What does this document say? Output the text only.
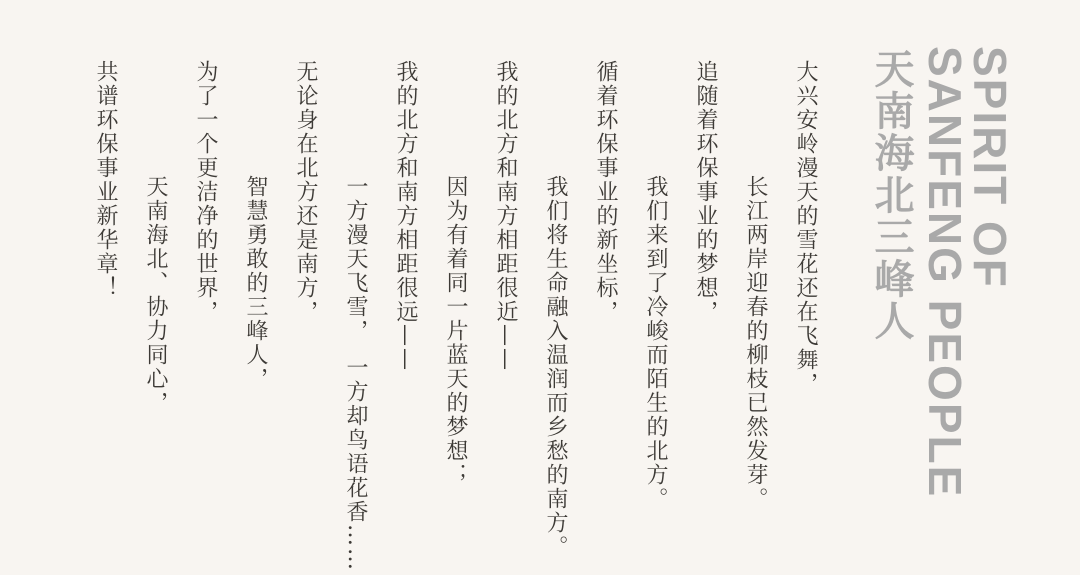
SPIRIT OF
SANFENG PEOPLE
天南海北三峰人

大兴安岭漫天的雪花还在飞舞，

长江两岸迎春的柳枝已然发芽。

追随着环保事业的梦想，

我们来到了冷峻而陌生的北方。

循着环保事业的新坐标，

我们将生命融入温润而乡愁的南方。

我的北方和南方相距很近——

因为有着同一片蓝天的梦想；

我的北方和南方相距很远——

一方漫天飞雪，　一方却鸟语花香……

无论身在北方还是南方，

智慧勇敢的三峰人，

为了一个更洁净的世界，

天南海北、协力同心，

共谱环保事业新华章！
